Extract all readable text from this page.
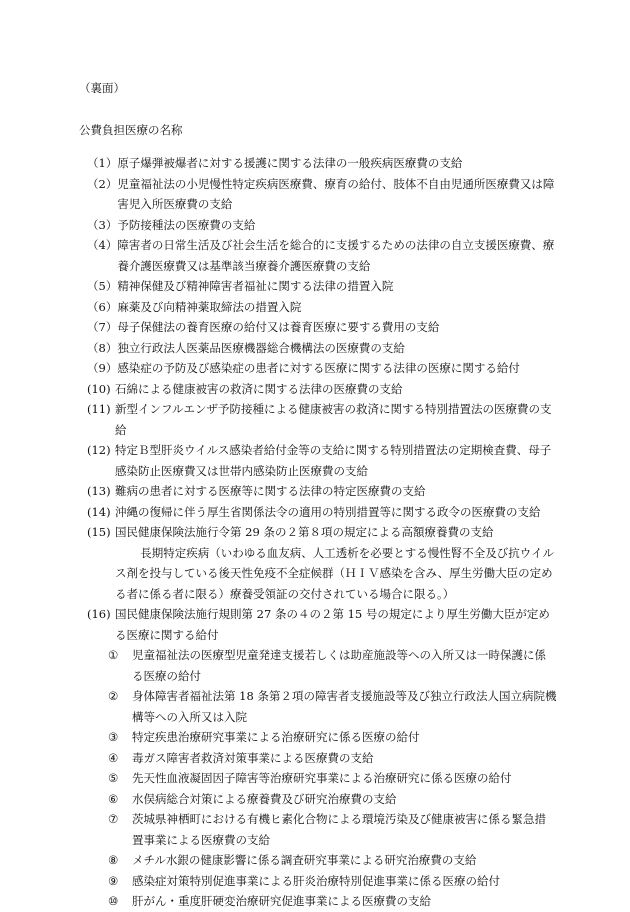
（裏面）
公費負担医療の名称
（1） 原子爆弾被爆者に対する援護に関する法律の一般疾病医療費の支給
（2） 児童福祉法の小児慢性特定疾病医療費、療育の給付、肢体不自由児通所医療費又は障害児入所医療費の支給
（3） 予防接種法の医療費の支給
（4） 障害者の日常生活及び社会生活を総合的に支援するための法律の自立支援医療費、療養介護医療費又は基準該当療養介護医療費の支給
（5） 精神保健及び精神障害者福祉に関する法律の措置入院
（6） 麻薬及び向精神薬取締法の措置入院
（7） 母子保健法の養育医療の給付又は養育医療に要する費用の支給
（8） 独立行政法人医薬品医療機器総合機構法の医療費の支給
（9） 感染症の予防及び感染症の患者に対する医療に関する法律の医療に関する給付
(10) 石綿による健康被害の救済に関する法律の医療費の支給
(11) 新型インフルエンザ予防接種による健康被害の救済に関する特別措置法の医療費の支給
(12) 特定Ｂ型肝炎ウイルス感染者給付金等の支給に関する特別措置法の定期検査費、母子感染防止医療費又は世帯内感染防止医療費の支給
(13) 難病の患者に対する医療等に関する法律の特定医療費の支給
(14) 沖縄の復帰に伴う厚生省関係法令の適用の特別措置等に関する政令の医療費の支給
(15) 国民健康保険法施行令第 29 条の２第８項の規定による高額療養費の支給
長期特定疾病（いわゆる血友病、人工透析を必要とする慢性腎不全及び抗ウイルス剤を投与している後天性免疫不全症候群（ＨＩＶ感染を含み、厚生労働大臣の定める者に係る者に限る）療養受領証の交付されている場合に限る。）
(16) 国民健康保険法施行規則第 27 条の４の２第 15 号の規定により厚生労働大臣が定める医療に関する給付
①	児童福祉法の医療型児童発達支援若しくは助産施設等への入所又は一時保護に係る医療の給付
②	身体障害者福祉法第 18 条第２項の障害者支援施設等及び独立行政法人国立病院機構等への入所又は入院
③	特定疾患治療研究事業による治療研究に係る医療の給付
④	毒ガス障害者救済対策事業による医療費の支給
⑤	先天性血液凝固因子障害等治療研究事業による治療研究に係る医療の給付
⑥	水俣病総合対策による療養費及び研究治療費の支給
⑦	茨城県神栖町における有機ヒ素化合物による環境汚染及び健康被害に係る緊急措置事業による医療費の支給
⑧	メチル水銀の健康影響に係る調査研究事業による研究治療費の支給
⑨	感染症対策特別促進事業による肝炎治療特別促進事業に係る医療の給付
⑩	肝がん・重度肝硬変治療研究促進事業による医療費の支給
